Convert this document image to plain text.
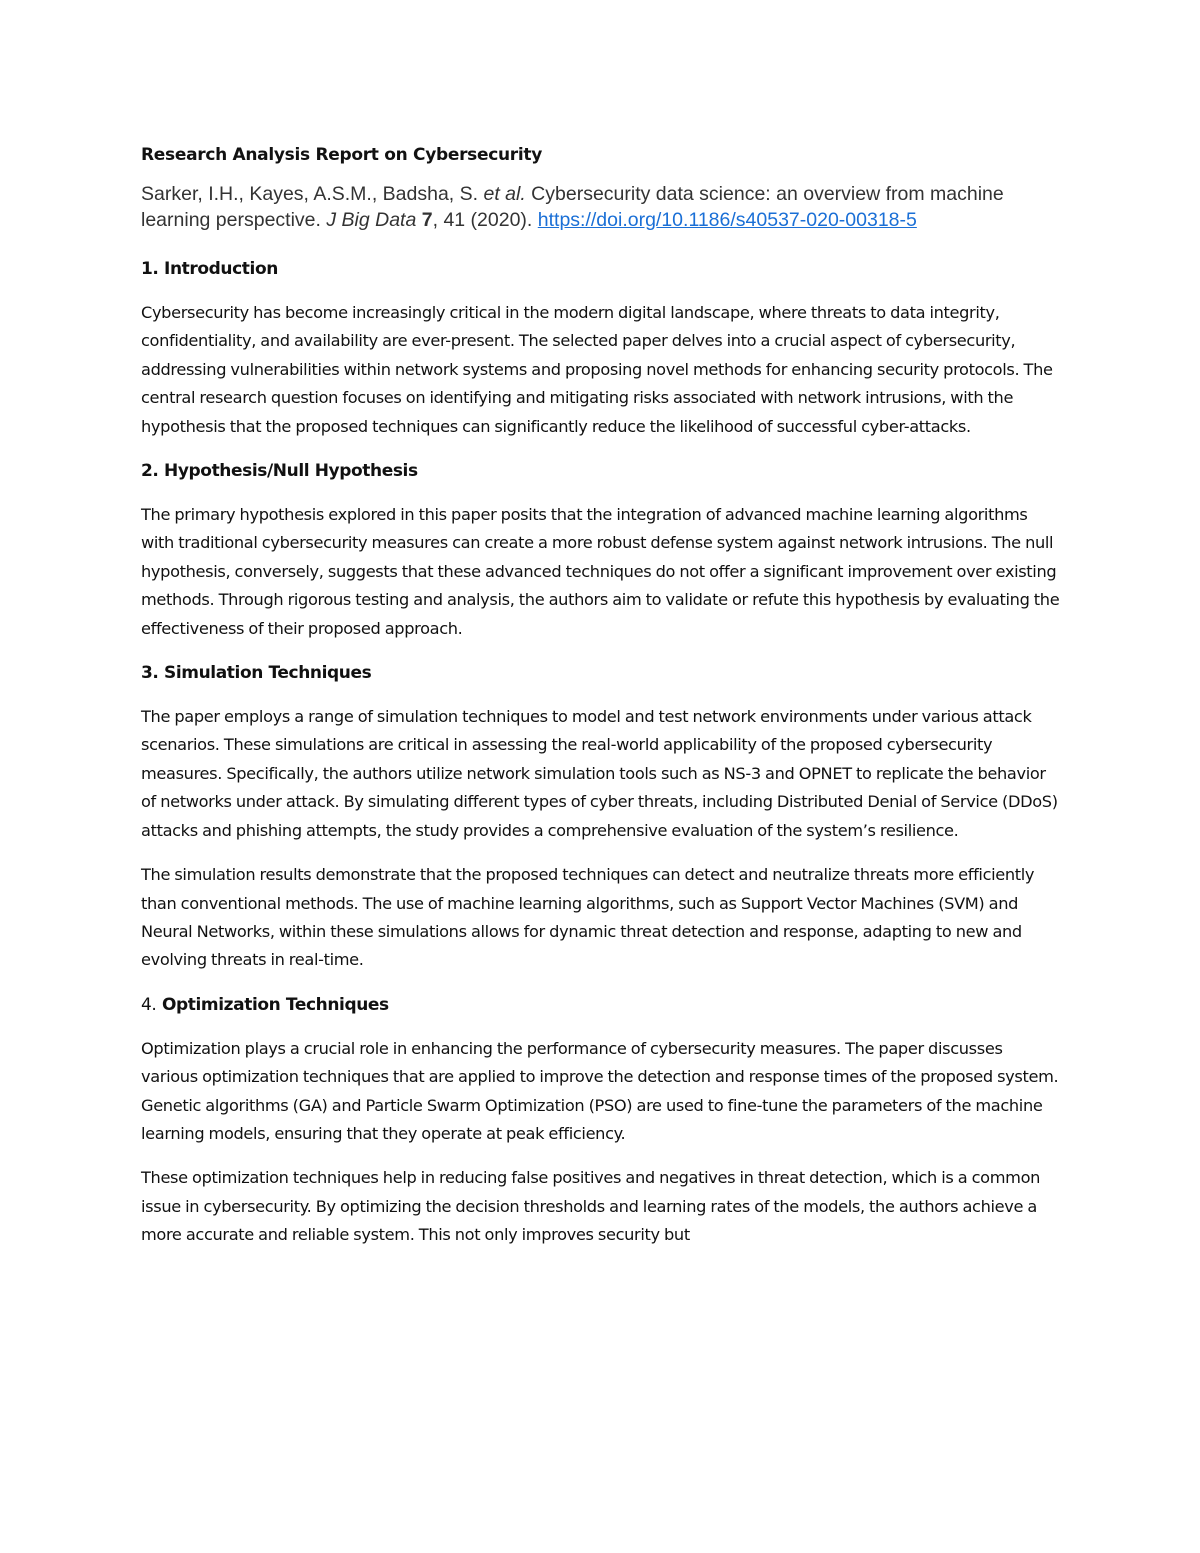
Research Analysis Report on Cybersecurity
Sarker, I.H., Kayes, A.S.M., Badsha, S. et al. Cybersecurity data science: an overview from machine learning perspective. J Big Data 7, 41 (2020). https://doi.org/10.1186/s40537-020-00318-5
1. Introduction

Cybersecurity has become increasingly critical in the modern digital landscape, where threats to data integrity, confidentiality, and availability are ever-present. The selected paper delves into a crucial aspect of cybersecurity, addressing vulnerabilities within network systems and proposing novel methods for enhancing security protocols. The central research question focuses on identifying and mitigating risks associated with network intrusions, with the hypothesis that the proposed techniques can significantly reduce the likelihood of successful cyber-attacks.

2. Hypothesis/Null Hypothesis

The primary hypothesis explored in this paper posits that the integration of advanced machine learning algorithms with traditional cybersecurity measures can create a more robust defense system against network intrusions. The null hypothesis, conversely, suggests that these advanced techniques do not offer a significant improvement over existing methods. Through rigorous testing and analysis, the authors aim to validate or refute this hypothesis by evaluating the effectiveness of their proposed approach.

3. Simulation Techniques

The paper employs a range of simulation techniques to model and test network environments under various attack scenarios. These simulations are critical in assessing the real-world applicability of the proposed cybersecurity measures. Specifically, the authors utilize network simulation tools such as NS-3 and OPNET to replicate the behavior of networks under attack. By simulating different types of cyber threats, including Distributed Denial of Service (DDoS) attacks and phishing attempts, the study provides a comprehensive evaluation of the system’s resilience.

The simulation results demonstrate that the proposed techniques can detect and neutralize threats more efficiently than conventional methods. The use of machine learning algorithms, such as Support Vector Machines (SVM) and Neural Networks, within these simulations allows for dynamic threat detection and response, adapting to new and evolving threats in real-time.

4. Optimization Techniques

Optimization plays a crucial role in enhancing the performance of cybersecurity measures. The paper discusses various optimization techniques that are applied to improve the detection and response times of the proposed system. Genetic algorithms (GA) and Particle Swarm Optimization (PSO) are used to fine-tune the parameters of the machine learning models, ensuring that they operate at peak efficiency.

These optimization techniques help in reducing false positives and negatives in threat detection, which is a common issue in cybersecurity. By optimizing the decision thresholds and learning rates of the models, the authors achieve a more accurate and reliable system. This not only improves security but
